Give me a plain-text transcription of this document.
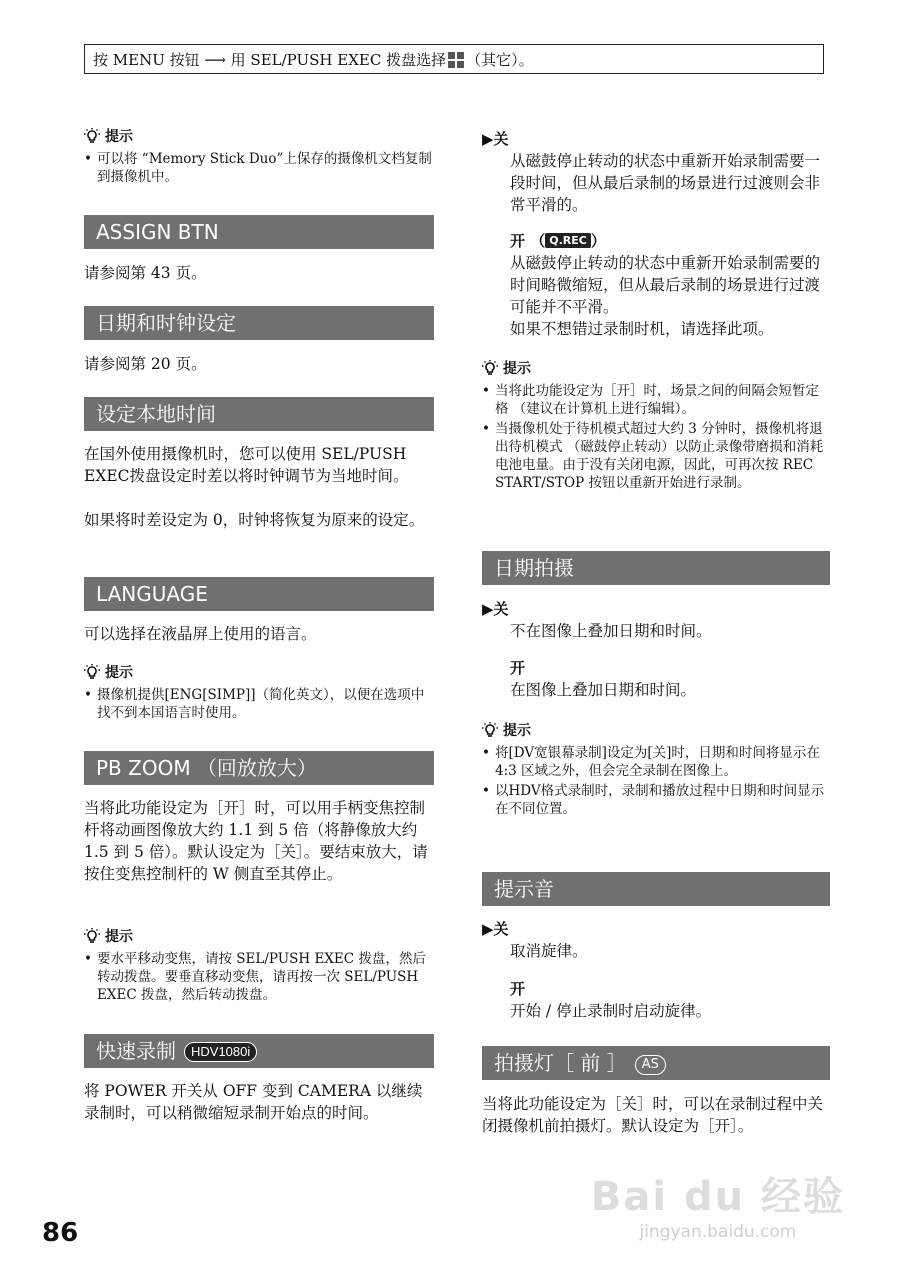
按 MENU 按钮 ⟶ 用 SEL/PUSH EXEC 拨盘选择 （其它）。
提示
• 可以将 “Memory Stick Duo”上保存的摄像机文档复制到摄像机中。
ASSIGN BTN
请参阅第 43 页。
日期和时钟设定
请参阅第 20 页。
设定本地时间
在国外使用摄像机时，您可以使用 SEL/PUSH EXEC拨盘设定时差以将时钟调节为当地时间。
如果将时差设定为 0，时钟将恢复为原来的设定。
LANGUAGE
可以选择在液晶屏上使用的语言。
提示
• 摄像机提供[ENG[SIMP]]（简化英文），以便在选项中找不到本国语言时使用。
PB ZOOM （回放放大）
当将此功能设定为［开］时，可以用手柄变焦控制杆将动画图像放大约 1.1 到 5 倍（将静像放大约 1.5 到 5 倍）。默认设定为［关］。要结束放大，请按住变焦控制杆的 W 侧直至其停止。
提示
• 要水平移动变焦，请按 SEL/PUSH EXEC 拨盘，然后转动拨盘。要垂直移动变焦，请再按一次 SEL/PUSH EXEC 拨盘，然后转动拨盘。
快速录制 HDV1080i
将 POWER 开关从 OFF 变到 CAMERA 以继续录制时，可以稍微缩短录制开始点的时间。
▶关
从磁鼓停止转动的状态中重新开始录制需要一段时间，但从最后录制的场景进行过渡则会非常平滑的。
开 （ Q.REC ）
从磁鼓停止转动的状态中重新开始录制需要的时间略微缩短，但从最后录制的场景进行过渡可能并不平滑。
如果不想错过录制时机，请选择此项。
提示
• 当将此功能设定为［开］时，场景之间的间隔会短暂定格 （建议在计算机上进行编辑）。
• 当摄像机处于待机模式超过大约 3 分钟时，摄像机将退出待机模式 （磁鼓停止转动）以防止录像带磨损和消耗电池电量。由于没有关闭电源，因此，可再次按 REC START/STOP 按钮以重新开始进行录制。
日期拍摄
▶关
不在图像上叠加日期和时间。
开
在图像上叠加日期和时间。
提示
• 将[DV宽银幕录制]设定为[关]时，日期和时间将显示在 4:3 区域之外，但会完全录制在图像上。
• 以HDV格式录制时，录制和播放过程中日期和时间显示在不同位置。
提示音
▶关
取消旋律。
开
开始 / 停止录制时启动旋律。
拍摄灯［ 前 ］ AS
当将此功能设定为［关］时，可以在录制过程中关闭摄像机前拍摄灯。默认设定为［开］。
86
Bai du 经验
jingyan.baidu.com
